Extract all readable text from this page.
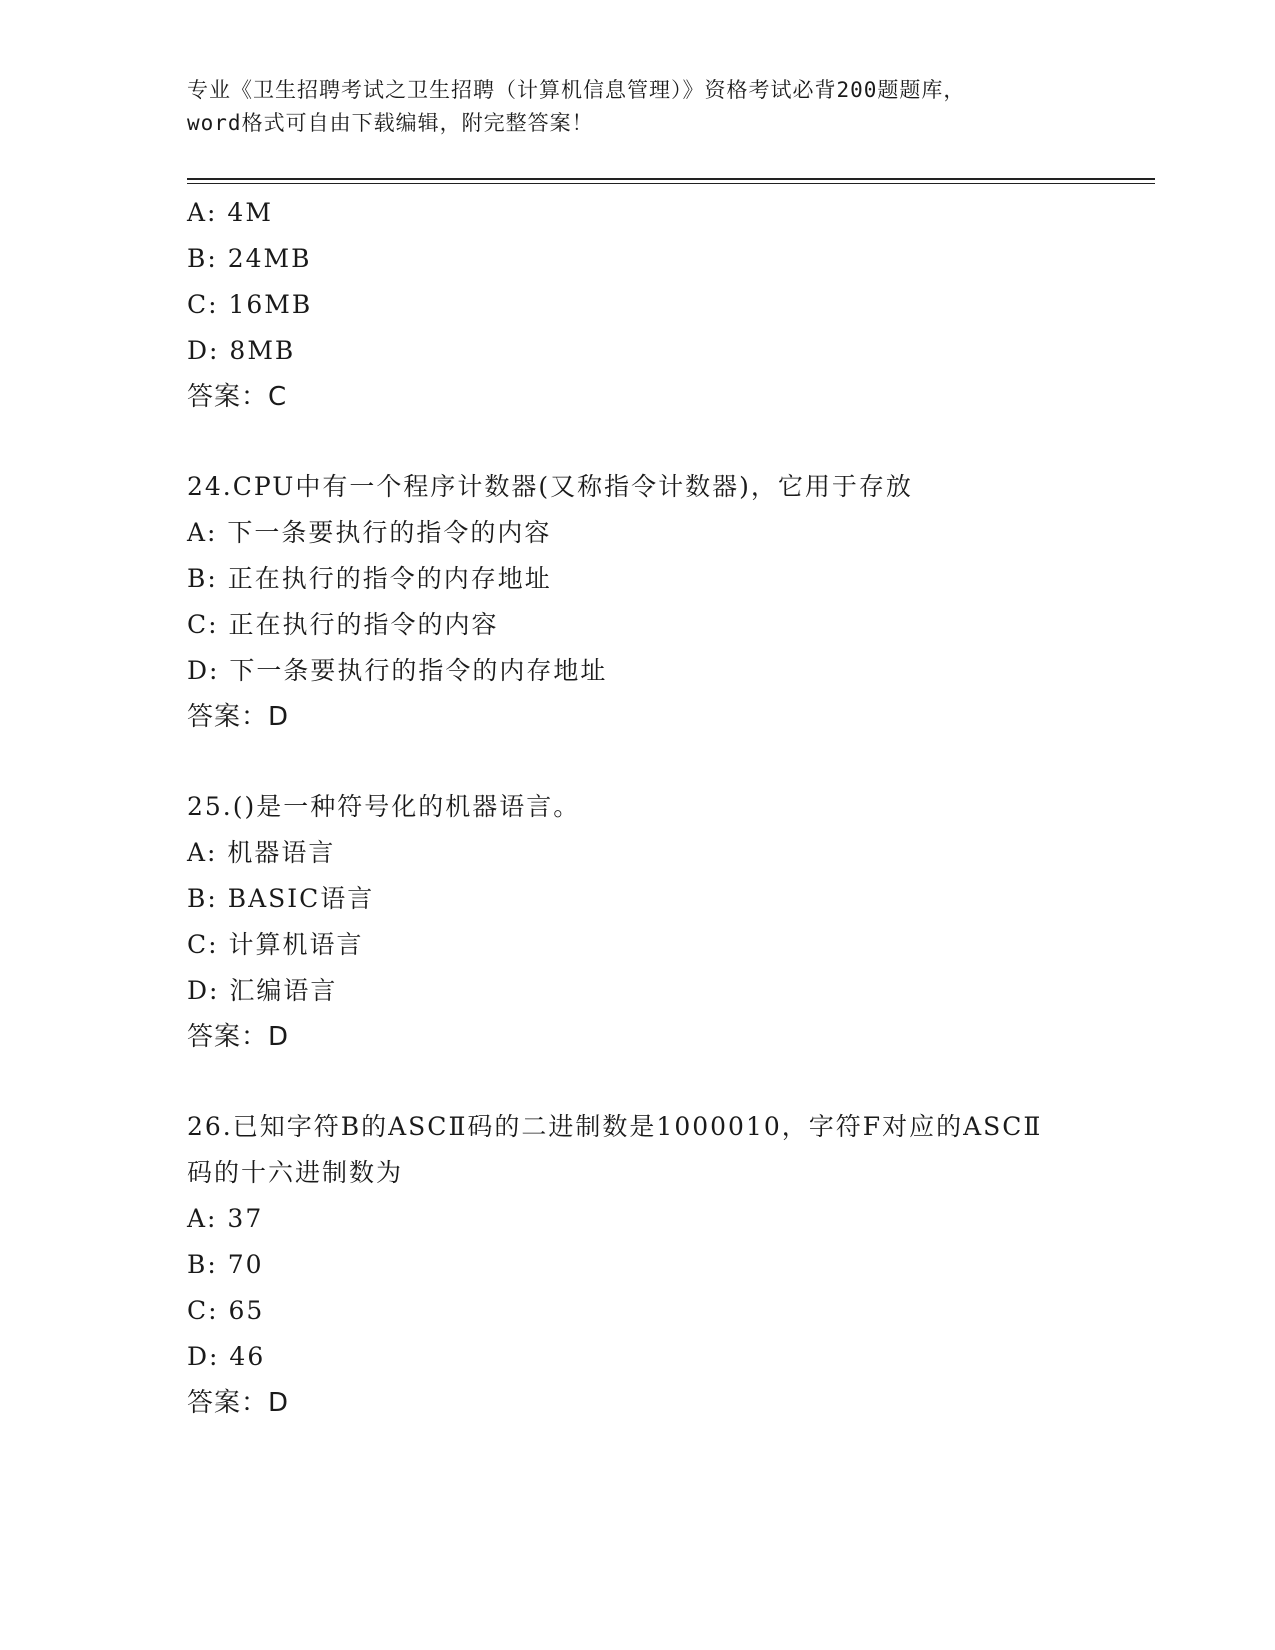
专业《卫生招聘考试之卫生招聘（计算机信息管理）》资格考试必背200题题库，
word格式可自由下载编辑，附完整答案！
A: 4M
B: 24MB
C: 16MB
D: 8MB
答案：C
24.CPU中有一个程序计数器(又称指令计数器)，它用于存放
A: 下一条要执行的指令的内容
B: 正在执行的指令的内存地址
C: 正在执行的指令的内容
D: 下一条要执行的指令的内存地址
答案：D
25.()是一种符号化的机器语言。
A: 机器语言
B: BASIC语言
C: 计算机语言
D: 汇编语言
答案：D
26.已知字符B的ASCⅡ码的二进制数是1000010，字符F对应的ASCⅡ
码的十六进制数为
A: 37
B: 70
C: 65
D: 46
答案：D
